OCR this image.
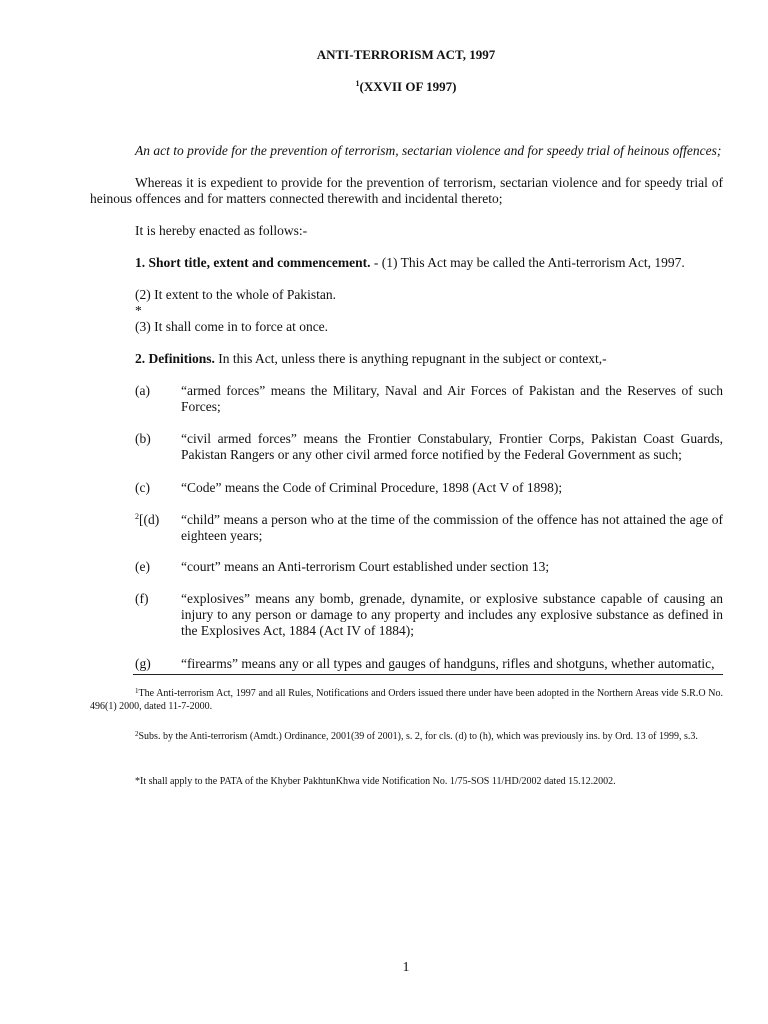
ANTI-TERRORISM ACT, 1997
$^1$(XXVII OF 1997)
An act to provide for the prevention of terrorism, sectarian violence and for speedy trial of heinous offences;
Whereas it is expedient to provide for the prevention of terrorism, sectarian violence and for speedy trial of heinous offences and for matters connected therewith and incidental thereto;
It is hereby enacted as follows:-
1. Short title, extent and commencement. - (1) This Act may be called the Anti-terrorism Act, 1997.
(2) It extent to the whole of Pakistan.
*
(3) It shall come in to force at once.
2. Definitions. In this Act, unless there is anything repugnant in the subject or context,-
(a)	“armed forces” means the Military, Naval and Air Forces of Pakistan and the Reserves of such Forces;
(b)	“civil armed forces” means the Frontier Constabulary, Frontier Corps, Pakistan Coast Guards, Pakistan Rangers or any other civil armed force notified by the Federal Government as such;
(c)	“Code” means the Code of Criminal Procedure, 1898 (Act V of 1898);
$^2$[(d)	“child” means a person who at the time of the commission of the offence has not attained the age of eighteen years;
(e)	“court” means an Anti-terrorism Court established under section 13;
(f)	“explosives” means any bomb, grenade, dynamite, or explosive substance capable of causing an injury to any person or damage to any property and includes any explosive substance as defined in the Explosives Act, 1884 (Act IV of 1884);
(g)	“firearms” means any or all types and gauges of handguns, rifles and shotguns, whether automatic,
$^1$The Anti-terrorism Act, 1997 and all Rules, Notifications and Orders issued there under have been adopted in the Northern Areas vide S.R.O No. 496(1) 2000, dated 11-7-2000.
$^2$Subs. by the Anti-terrorism (Amdt.) Ordinance, 2001(39 of 2001), s. 2, for cls. (d) to (h), which was previously ins. by Ord. 13 of 1999, s.3.
*It shall apply to the PATA of the Khyber PakhtunKhwa vide Notification No. 1/75-SOS 11/HD/2002 dated 15.12.2002.
1
